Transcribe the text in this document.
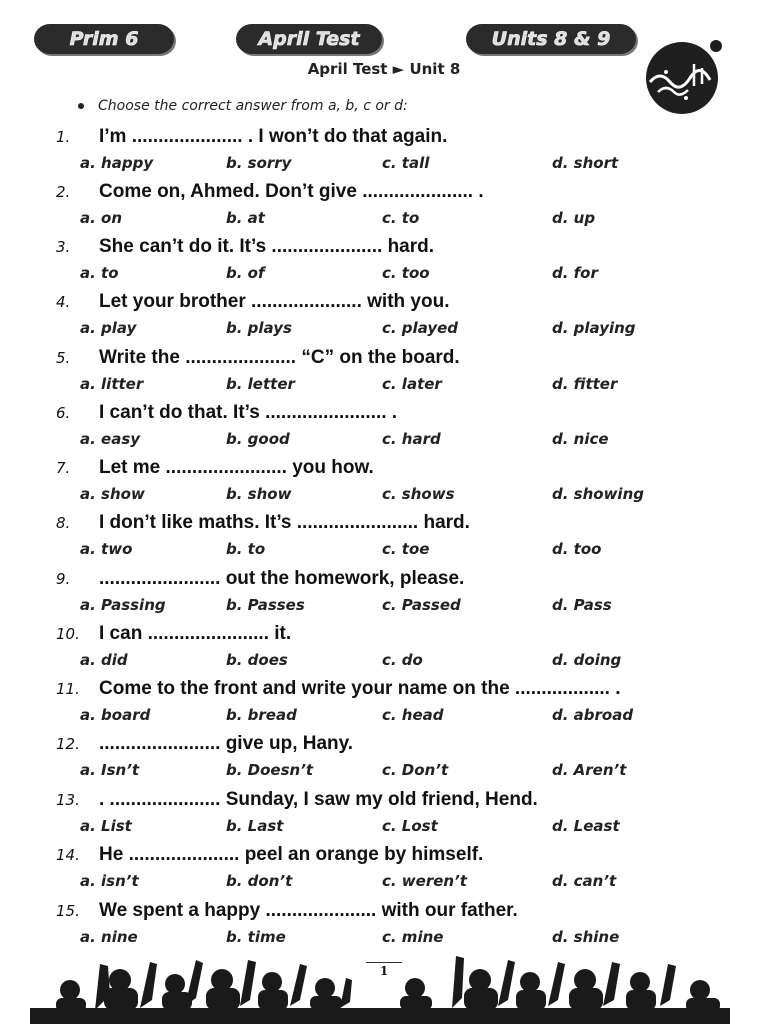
Prim 6	April Test	Units 8 & 9
April Test ► Unit 8
Choose the correct answer from a, b, c or d:
1. I’m ..................... . I won’t do that again.
a. happy	b. sorry	c. tall	d. short
2. Come on, Ahmed. Don’t give ..................... .
a. on	b. at	c. to	d. up
3. She can’t do it. It’s ..................... hard.
a. to	b. of	c. too	d. for
4. Let your brother ..................... with you.
a. play	b. plays	c. played	d. playing
5. Write the ..................... “C” on the board.
a. litter	b. letter	c. later	d. fitter
6. I can’t do that. It’s ....................... .
a. easy	b. good	c. hard	d. nice
7. Let me ....................... you how.
a. show	b. show	c. shows	d. showing
8. I don’t like maths. It’s ....................... hard.
a. two	b. to	c. toe	d. too
9. ....................... out the homework, please.
a. Passing	b. Passes	c. Passed	d. Pass
10. I can ....................... it.
a. did	b. does	c. do	d. doing
11. Come to the front and write your name on the .................. .
a. board	b. bread	c. head	d. abroad
12. ....................... give up, Hany.
a. Isn’t	b. Doesn’t	c. Don’t	d. Aren’t
13. . ..................... Sunday, I saw my old friend, Hend.
a. List	b. Last	c. Lost	d. Least
14. He ..................... peel an orange by himself.
a. isn’t	b. don’t	c. weren’t	d. can’t
15. We spent a happy ..................... with our father.
a. nine	b. time	c. mine	d. shine
1
